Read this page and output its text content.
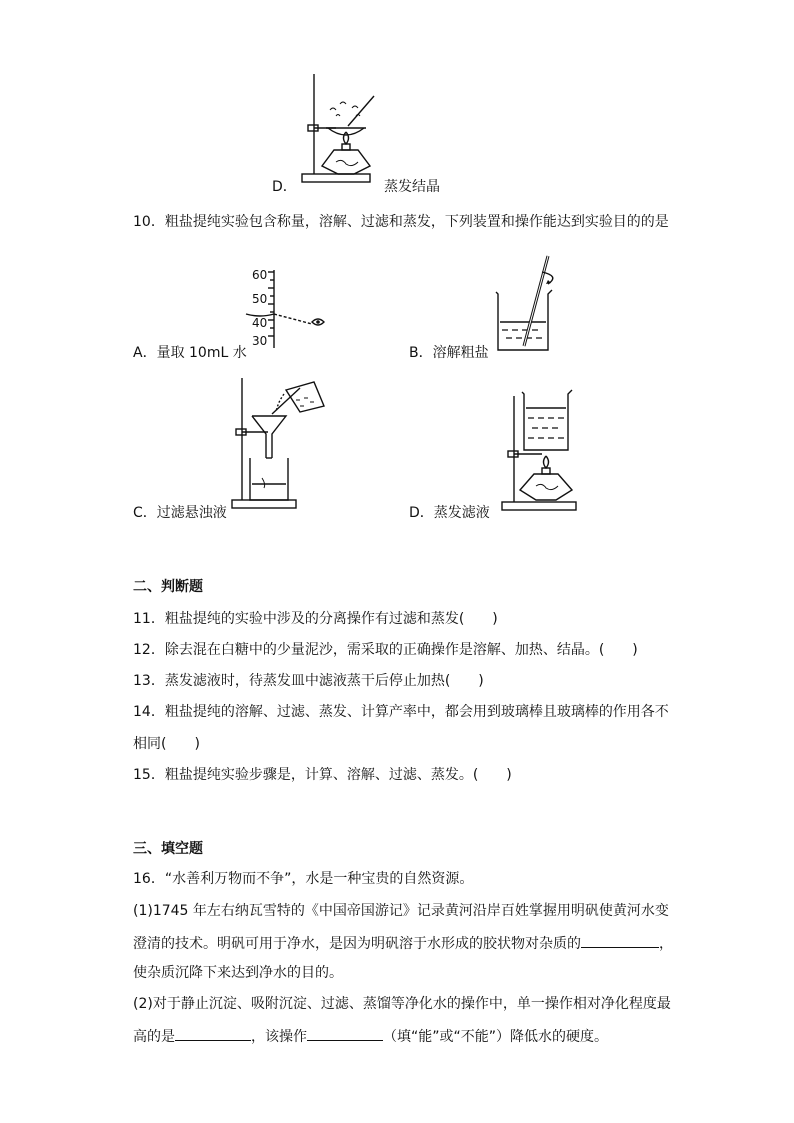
D．	蒸发结晶
10．粗盐提纯实验包含称量，溶解、过滤和蒸发，下列装置和操作能达到实验目的的是
60
50
40
30
A．量取 10mL 水	B．溶解粗盐
C．过滤悬浊液	D．蒸发滤液
二、判断题
11．粗盐提纯的实验中涉及的分离操作有过滤和蒸发(　　)
12．除去混在白糖中的少量泥沙，需采取的正确操作是溶解、加热、结晶。(　　)
13．蒸发滤液时，待蒸发皿中滤液蒸干后停止加热(　　)
14．粗盐提纯的溶解、过滤、蒸发、计算产率中，都会用到玻璃棒且玻璃棒的作用各不
相同(　　)
15．粗盐提纯实验步骤是，计算、溶解、过滤、蒸发。(　　)
三、填空题
16．“水善利万物而不争”，水是一种宝贵的自然资源。
(1)1745 年左右纳瓦雪特的《中国帝国游记》记录黄河沿岸百姓掌握用明矾使黄河水变
澄清的技术。明矾可用于净水，是因为明矾溶于水形成的胶状物对杂质的	，
使杂质沉降下来达到净水的目的。
(2)对于静止沉淀、吸附沉淀、过滤、蒸馏等净化水的操作中，单一操作相对净化程度最
高的是	，该操作	（填“能”或“不能”）降低水的硬度。
